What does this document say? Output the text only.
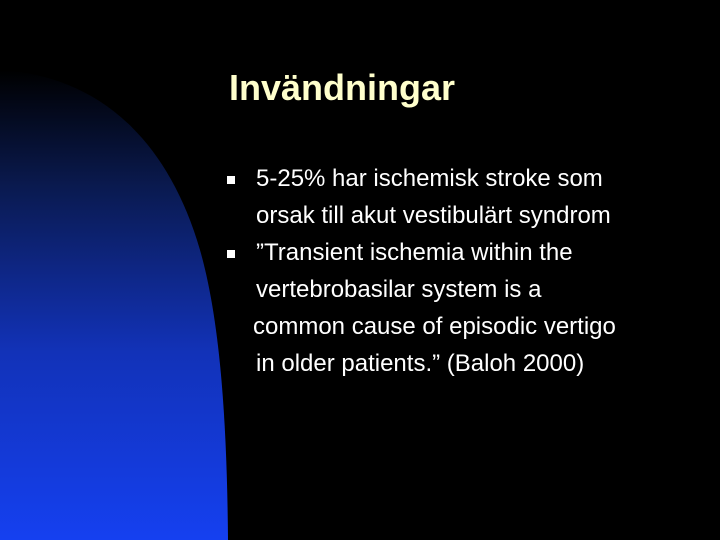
Invändningar
5-25% har ischemisk stroke som
orsak till akut vestibulärt syndrom
”Transient ischemia within the
vertebrobasilar system is a
common cause of episodic vertigo
in older patients.” (Baloh 2000)
